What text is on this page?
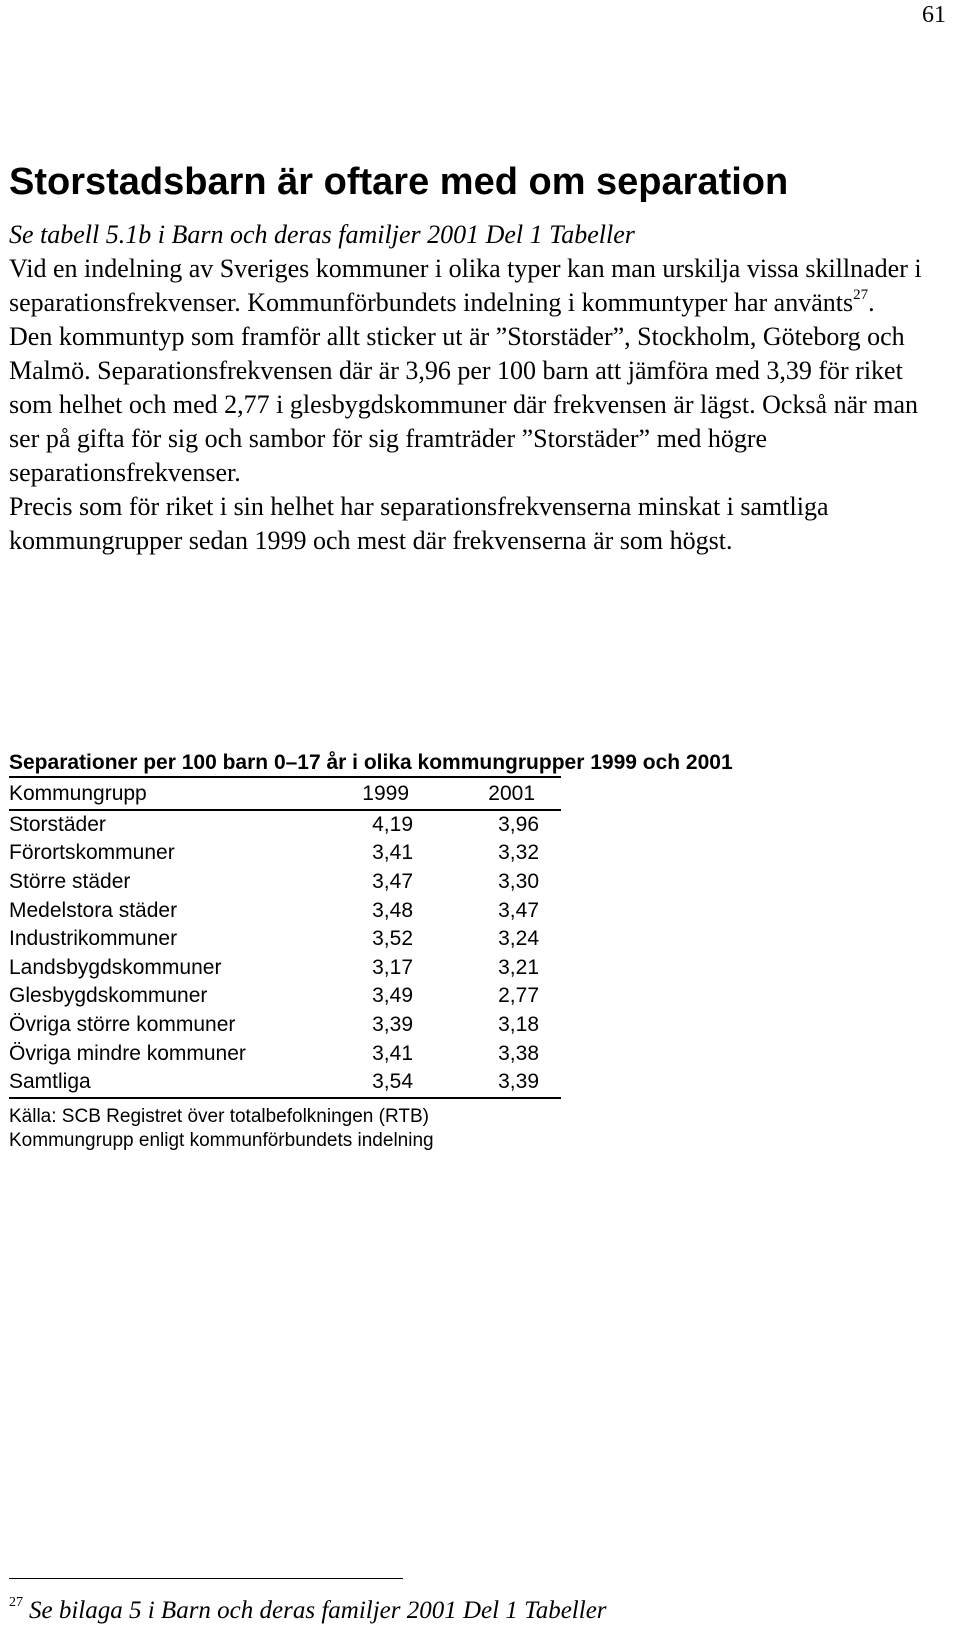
61
Storstadsbarn är oftare med om separation

Se tabell 5.1b i Barn och deras familjer 2001 Del 1 Tabeller

Vid en indelning av Sveriges kommuner i olika typer kan man urskilja vissa skillnader i separationsfrekvenser. Kommunförbundets indelning i kommuntyper har använts$^{27}$.

Den kommuntyp som framför allt sticker ut är ”Storstäder”, Stockholm, Göteborg och Malmö. Separationsfrekvensen där är 3,96 per 100 barn att jämföra med 3,39 för riket som helhet och med 2,77 i glesbygdskommuner där frekvensen är lägst. Också när man ser på gifta för sig och sambor för sig framträder ”Storstäder” med högre separationsfrekvenser.

Precis som för riket i sin helhet har separationsfrekvenserna minskat i samtliga kommungrupper sedan 1999 och mest där frekvenserna är som högst.

Separationer per 100 barn 0–17 år i olika kommungrupper 1999 och 2001
Kommungrupp	1999	2001
Storstäder	4,19	3,96
Förortskommuner	3,41	3,32
Större städer	3,47	3,30
Medelstora städer	3,48	3,47
Industrikommuner	3,52	3,24
Landsbygdskommuner	3,17	3,21
Glesbygdskommuner	3,49	2,77
Övriga större kommuner	3,39	3,18
Övriga mindre kommuner	3,41	3,38
Samtliga	3,54	3,39
Källa: SCB Registret över totalbefolkningen (RTB)
Kommungrupp enligt kommunförbundets indelning
$^{27}$ Se bilaga 5 i Barn och deras familjer 2001 Del 1 Tabeller
